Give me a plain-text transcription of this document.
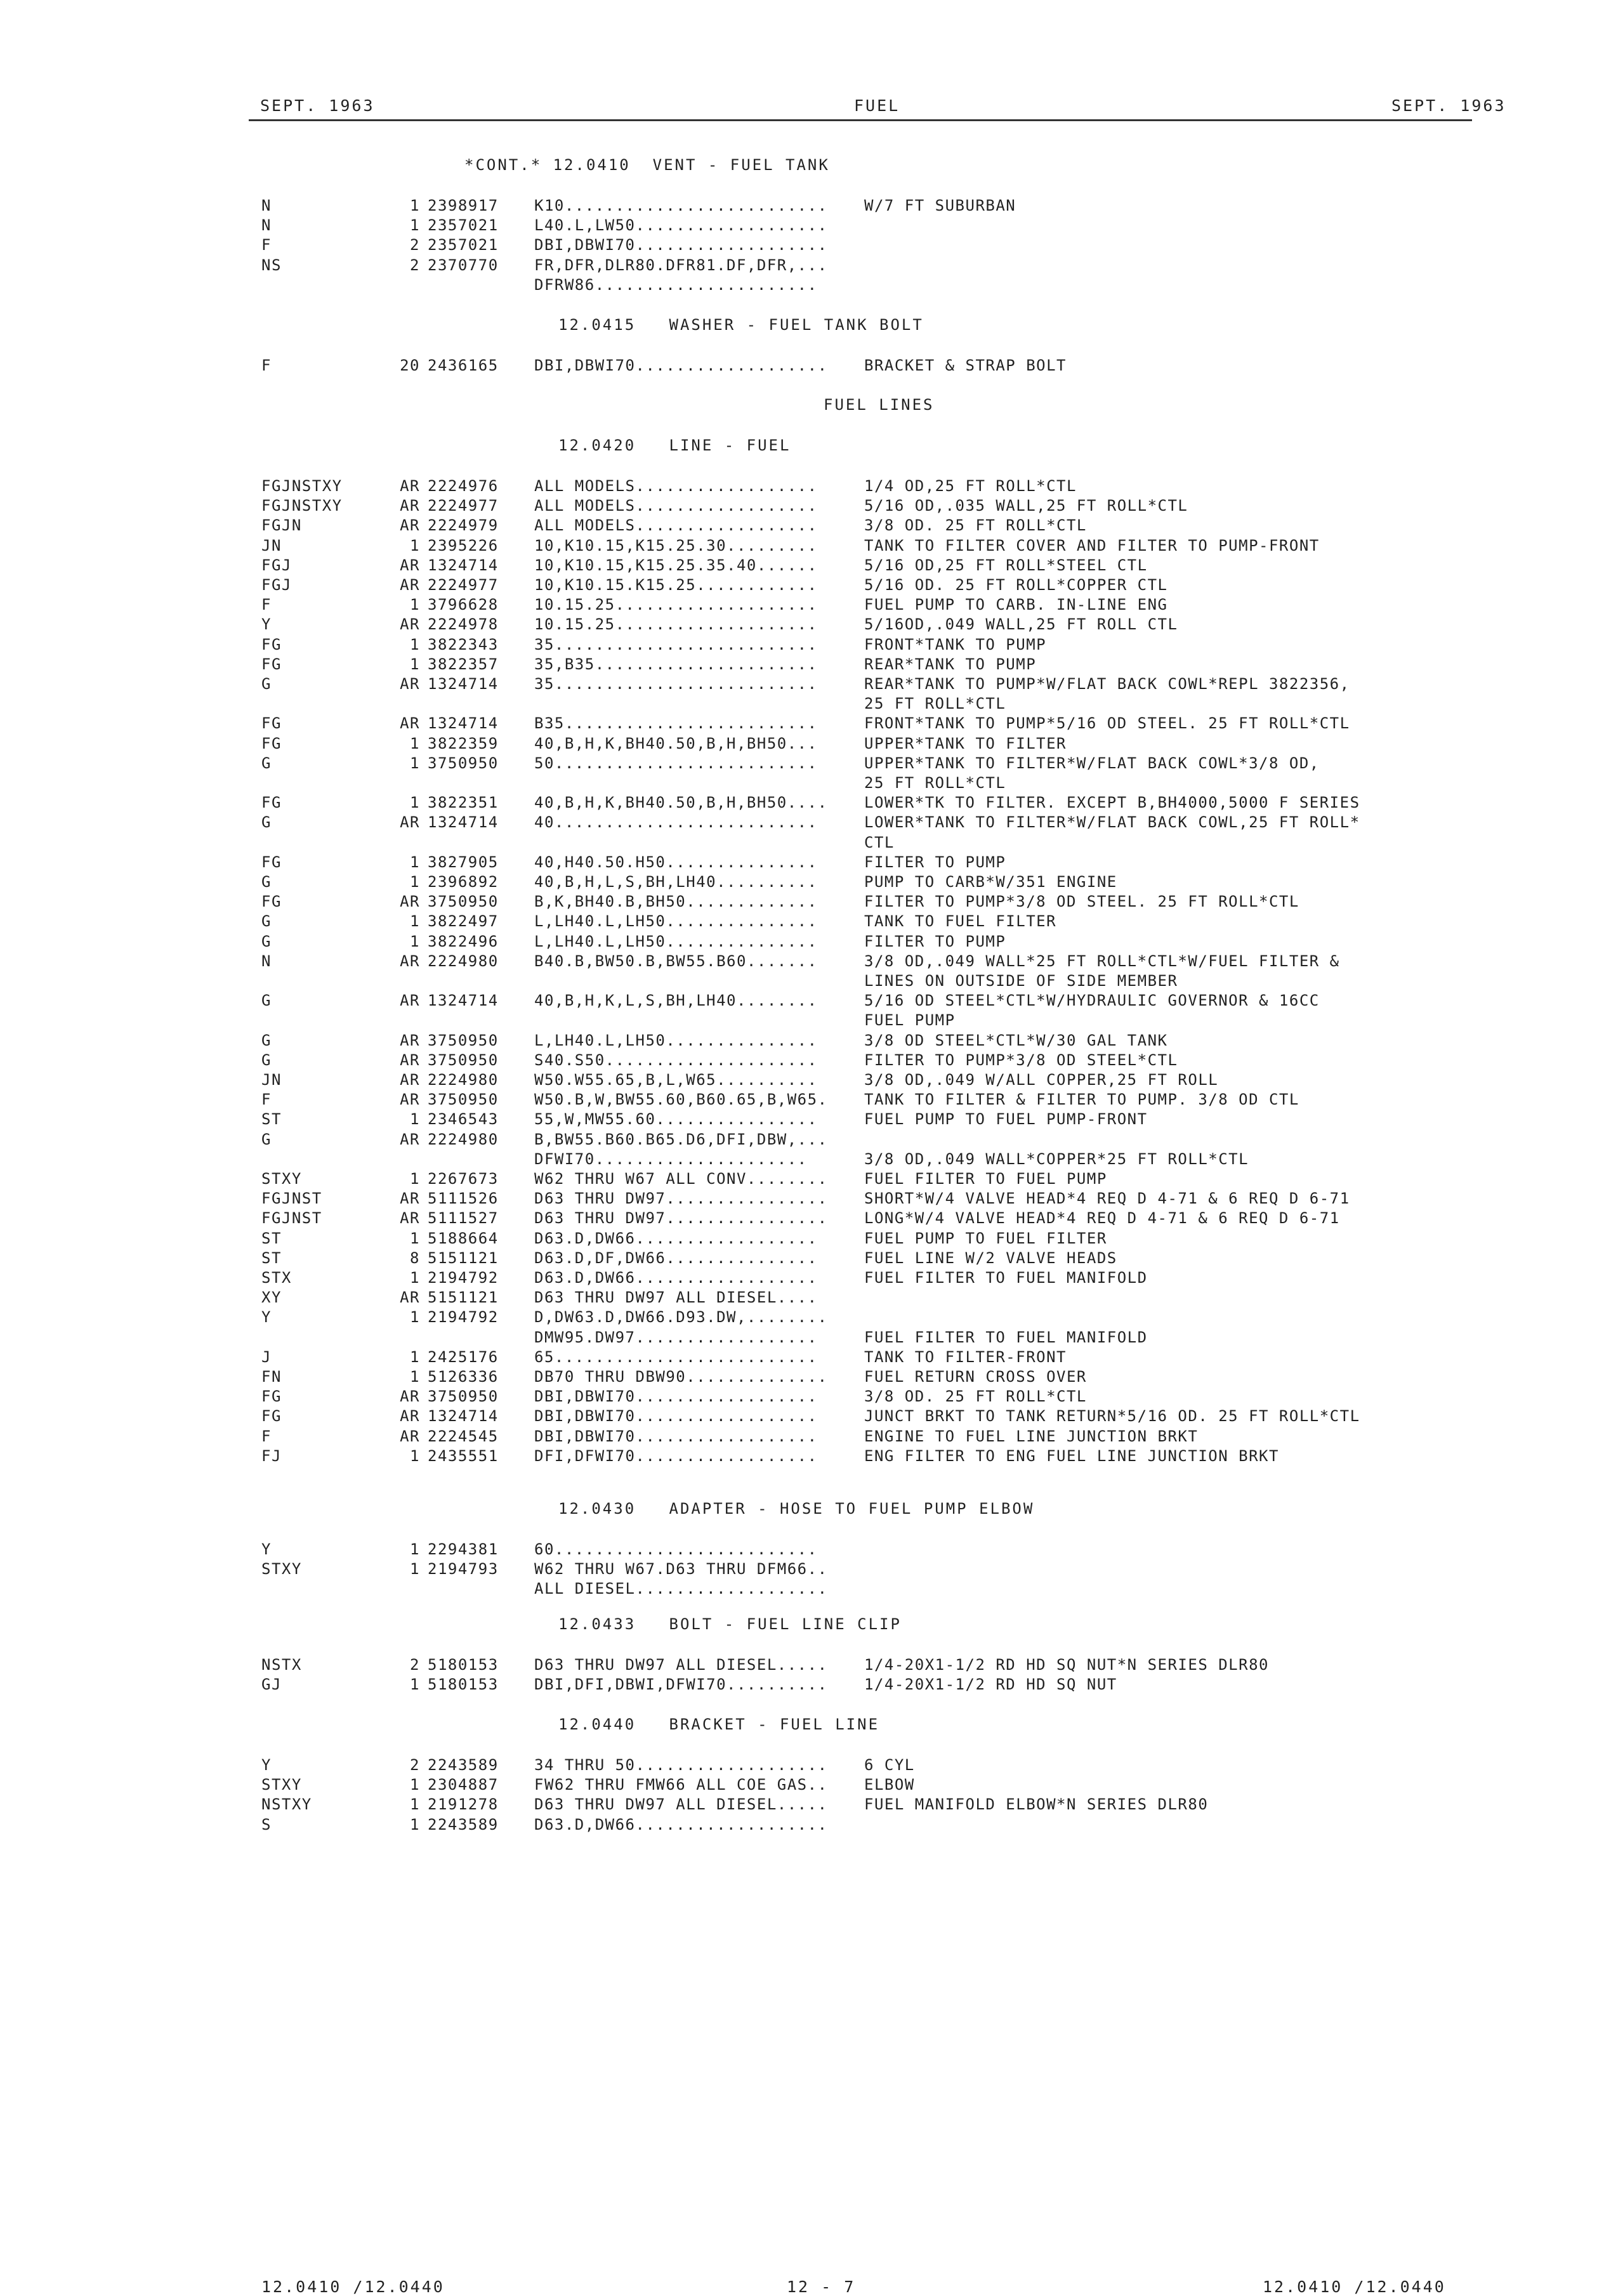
SEPT. 1963	FUEL	SEPT. 1963
*CONT.* 12.0410  VENT - FUEL TANK
N	1 2398917 K10.......................... W/7 FT SUBURBAN
N	1 2357021 L40.L,LW50...................
F	2 2357021 DBI,DBWI70...................
NS	2 2370770 FR,DFR,DLR80.DFR81.DF,DFR,...
DFRW86......................
12.0415   WASHER - FUEL TANK BOLT
F	20 2436165 DBI,DBWI70................... BRACKET & STRAP BOLT
FUEL LINES
12.0420   LINE - FUEL
FGJNSTXY	AR 2224976 ALL MODELS..................	1/4 OD,25 FT ROLL*CTL
FGJNSTXY	AR 2224977 ALL MODELS..................	5/16 OD,.035 WALL,25 FT ROLL*CTL
FGJN	AR 2224979 ALL MODELS..................	3/8 OD. 25 FT ROLL*CTL
JN	1 2395226 10,K10.15,K15.25.30.........	TANK TO FILTER COVER AND FILTER TO PUMP-FRONT
FGJ	AR 1324714 10,K10.15,K15.25.35.40......	5/16 OD,25 FT ROLL*STEEL CTL
FGJ	AR 2224977 10,K10.15.K15.25............	5/16 OD. 25 FT ROLL*COPPER CTL
F	1 3796628 10.15.25....................	FUEL PUMP TO CARB. IN-LINE ENG
Y	AR 2224978 10.15.25....................	5/16OD,.049 WALL,25 FT ROLL CTL
FG	1 3822343 35..........................	FRONT*TANK TO PUMP
FG	1 3822357 35,B35......................	REAR*TANK TO PUMP
G	AR 1324714 35..........................	REAR*TANK TO PUMP*W/FLAT BACK COWL*REPL 3822356,
25 FT ROLL*CTL
FG	AR 1324714 B35.........................	FRONT*TANK TO PUMP*5/16 OD STEEL. 25 FT ROLL*CTL
FG	1 3822359 40,B,H,K,BH40.50,B,H,BH50...	UPPER*TANK TO FILTER
G	1 3750950 50..........................	UPPER*TANK TO FILTER*W/FLAT BACK COWL*3/8 OD,
25 FT ROLL*CTL
FG	1 3822351 40,B,H,K,BH40.50,B,H,BH50.... LOWER*TK TO FILTER. EXCEPT B,BH4000,5000 F SERIES
G	AR 1324714 40..........................	LOWER*TANK TO FILTER*W/FLAT BACK COWL,25 FT ROLL*
CTL
FG	1 3827905 40,H40.50.H50...............	FILTER TO PUMP
G	1 2396892 40,B,H,L,S,BH,LH40..........	PUMP TO CARB*W/351 ENGINE
FG	AR 3750950 B,K,BH40.B,BH50.............	FILTER TO PUMP*3/8 OD STEEL. 25 FT ROLL*CTL
G	1 3822497 L,LH40.L,LH50...............	TANK TO FUEL FILTER
G	1 3822496 L,LH40.L,LH50...............	FILTER TO PUMP
N	AR 2224980 B40.B,BW50.B,BW55.B60.......	3/8 OD,.049 WALL*25 FT ROLL*CTL*W/FUEL FILTER &
LINES ON OUTSIDE OF SIDE MEMBER
G	AR 1324714 40,B,H,K,L,S,BH,LH40........	5/16 OD STEEL*CTL*W/HYDRAULIC GOVERNOR & 16CC
FUEL PUMP
G	AR 3750950 L,LH40.L,LH50...............	3/8 OD STEEL*CTL*W/30 GAL TANK
G	AR 3750950 S40.S50.....................	FILTER TO PUMP*3/8 OD STEEL*CTL
JN	AR 2224980 W50.W55.65,B,L,W65..........	3/8 OD,.049 W/ALL COPPER,25 FT ROLL
F	AR 3750950 W50.B,W,BW55.60,B60.65,B,W65. TANK TO FILTER & FILTER TO PUMP. 3/8 OD CTL
ST	1 2346543 55,W,MW55.60................	FUEL PUMP TO FUEL PUMP-FRONT
G	AR 2224980 B,BW55.B60.B65.D6,DFI,DBW,...
DFWI70.....................	3/8 OD,.049 WALL*COPPER*25 FT ROLL*CTL
STXY	1 2267673 W62 THRU W67 ALL CONV........ FUEL FILTER TO FUEL PUMP
FGJNST	AR 5111526 D63 THRU DW97................ SHORT*W/4 VALVE HEAD*4 REQ D 4-71 & 6 REQ D 6-71
FGJNST	AR 5111527 D63 THRU DW97................ LONG*W/4 VALVE HEAD*4 REQ D 4-71 & 6 REQ D 6-71
ST	1 5188664 D63.D,DW66..................	FUEL PUMP TO FUEL FILTER
ST	8 5151121 D63.D,DF,DW66...............	FUEL LINE W/2 VALVE HEADS
STX	1 2194792 D63.D,DW66..................	FUEL FILTER TO FUEL MANIFOLD
XY	AR 5151121 D63 THRU DW97 ALL DIESEL....
Y	1 2194792 D,DW63.D,DW66.D93.DW,........
DMW95.DW97..................	FUEL FILTER TO FUEL MANIFOLD
J	1 2425176 65..........................	TANK TO FILTER-FRONT
FN	1 5126336 DB70 THRU DBW90.............. FUEL RETURN CROSS OVER
FG	AR 3750950 DBI,DBWI70..................	3/8 OD. 25 FT ROLL*CTL
FG	AR 1324714 DBI,DBWI70..................	JUNCT BRKT TO TANK RETURN*5/16 OD. 25 FT ROLL*CTL
F	AR 2224545 DBI,DBWI70..................	ENGINE TO FUEL LINE JUNCTION BRKT
FJ	1 2435551 DFI,DFWI70..................	ENG FILTER TO ENG FUEL LINE JUNCTION BRKT
12.0430   ADAPTER - HOSE TO FUEL PUMP ELBOW
Y	1 2294381 60..........................
STXY	1 2194793 W62 THRU W67.D63 THRU DFM66..
ALL DIESEL...................
12.0433   BOLT - FUEL LINE CLIP
NSTX	2 5180153 D63 THRU DW97 ALL DIESEL..... 1/4-20X1-1/2 RD HD SQ NUT*N SERIES DLR80
GJ	1 5180153 DBI,DFI,DBWI,DFWI70.......... 1/4-20X1-1/2 RD HD SQ NUT
12.0440   BRACKET - FUEL LINE
Y	2 2243589 34 THRU 50................... 6 CYL
STXY	1 2304887 FW62 THRU FMW66 ALL COE GAS.. ELBOW
NSTXY	1 2191278 D63 THRU DW97 ALL DIESEL..... FUEL MANIFOLD ELBOW*N SERIES DLR80
S	1 2243589 D63.D,DW66...................
12.0410 /12.0440	12 - 7	12.0410 /12.0440
